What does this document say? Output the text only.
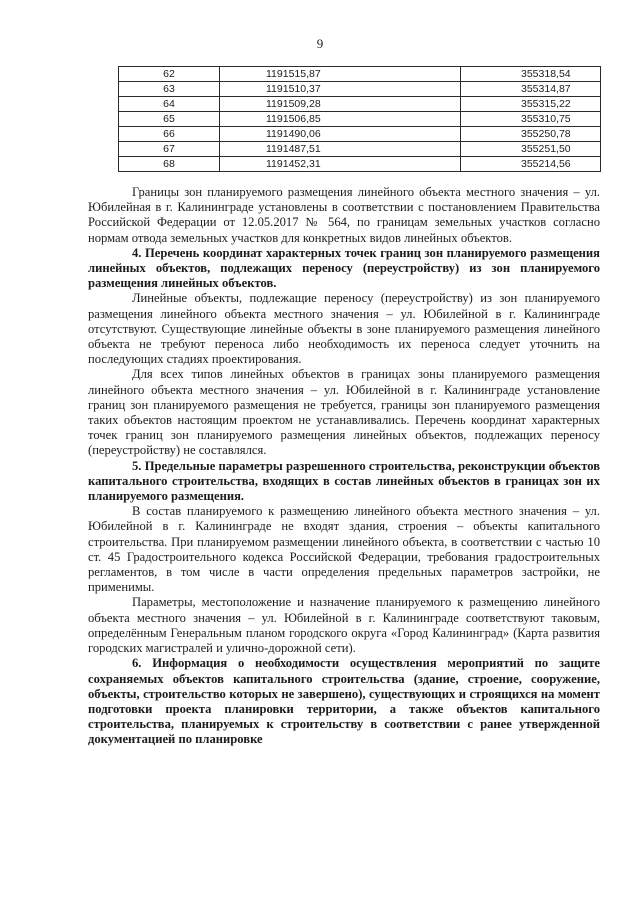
9
62	1191515,87	355318,54
63	1191510,37	355314,87
64	1191509,28	355315,22
65	1191506,85	355310,75
66	1191490,06	355250,78
67	1191487,51	355251,50
68	1191452,31	355214,56

Границы зон планируемого размещения линейного объекта местного значения – ул. Юбилейная в г. Калининграде установлены в соответствии с постановлением Правительства Российской Федерации от 12.05.2017 № 564, по границам земельных участков согласно нормам отвода земельных участков для конкретных видов линейных объектов.

4. Перечень координат характерных точек границ зон планируемого размещения линейных объектов, подлежащих переносу (переустройству) из зон планируемого размещения линейных объектов.

Линейные объекты, подлежащие переносу (переустройству) из зон планируемого размещения линейного объекта местного значения – ул. Юбилейной в г. Калининграде отсутствуют. Существующие линейные объекты в зоне планируемого размещения линейного объекта не требуют переноса либо необходимость их переноса следует уточнить на последующих стадиях проектирования.

Для всех типов линейных объектов в границах зоны планируемого размещения линейного объекта местного значения – ул. Юбилейной в г. Калининграде установление границ зон планируемого размещения не требуется, границы зон планируемого размещения таких объектов настоящим проектом не устанавливались. Перечень координат характерных точек границ зон планируемого размещения линейных объектов, подлежащих переносу (переустройству) не составлялся.

5. Предельные параметры разрешенного строительства, реконструкции объектов капитального строительства, входящих в состав линейных объектов в границах зон их планируемого размещения.

В состав планируемого к размещению линейного объекта местного значения – ул. Юбилейной в г. Калининграде не входят здания, строения – объекты капитального строительства. При планируемом размещении линейного объекта, в соответствии с частью 10 ст. 45 Градостроительного кодекса Российской Федерации, требования градостроительных регламентов, в том числе в части определения предельных параметров застройки, не применимы.

Параметры, местоположение и назначение планируемого к размещению линейного объекта местного значения – ул. Юбилейной в г. Калининграде соответствуют таковым, определённым Генеральным планом городского округа «Город Калининград» (Карта развития городских магистралей и улично-дорожной сети).

6. Информация о необходимости осуществления мероприятий по защите сохраняемых объектов капитального строительства (здание, строение, сооружение, объекты, строительство которых не завершено), существующих и строящихся на момент подготовки проекта планировки территории, а также объектов капитального строительства, планируемых к строительству в соответствии с ранее утвержденной документацией по планировке
